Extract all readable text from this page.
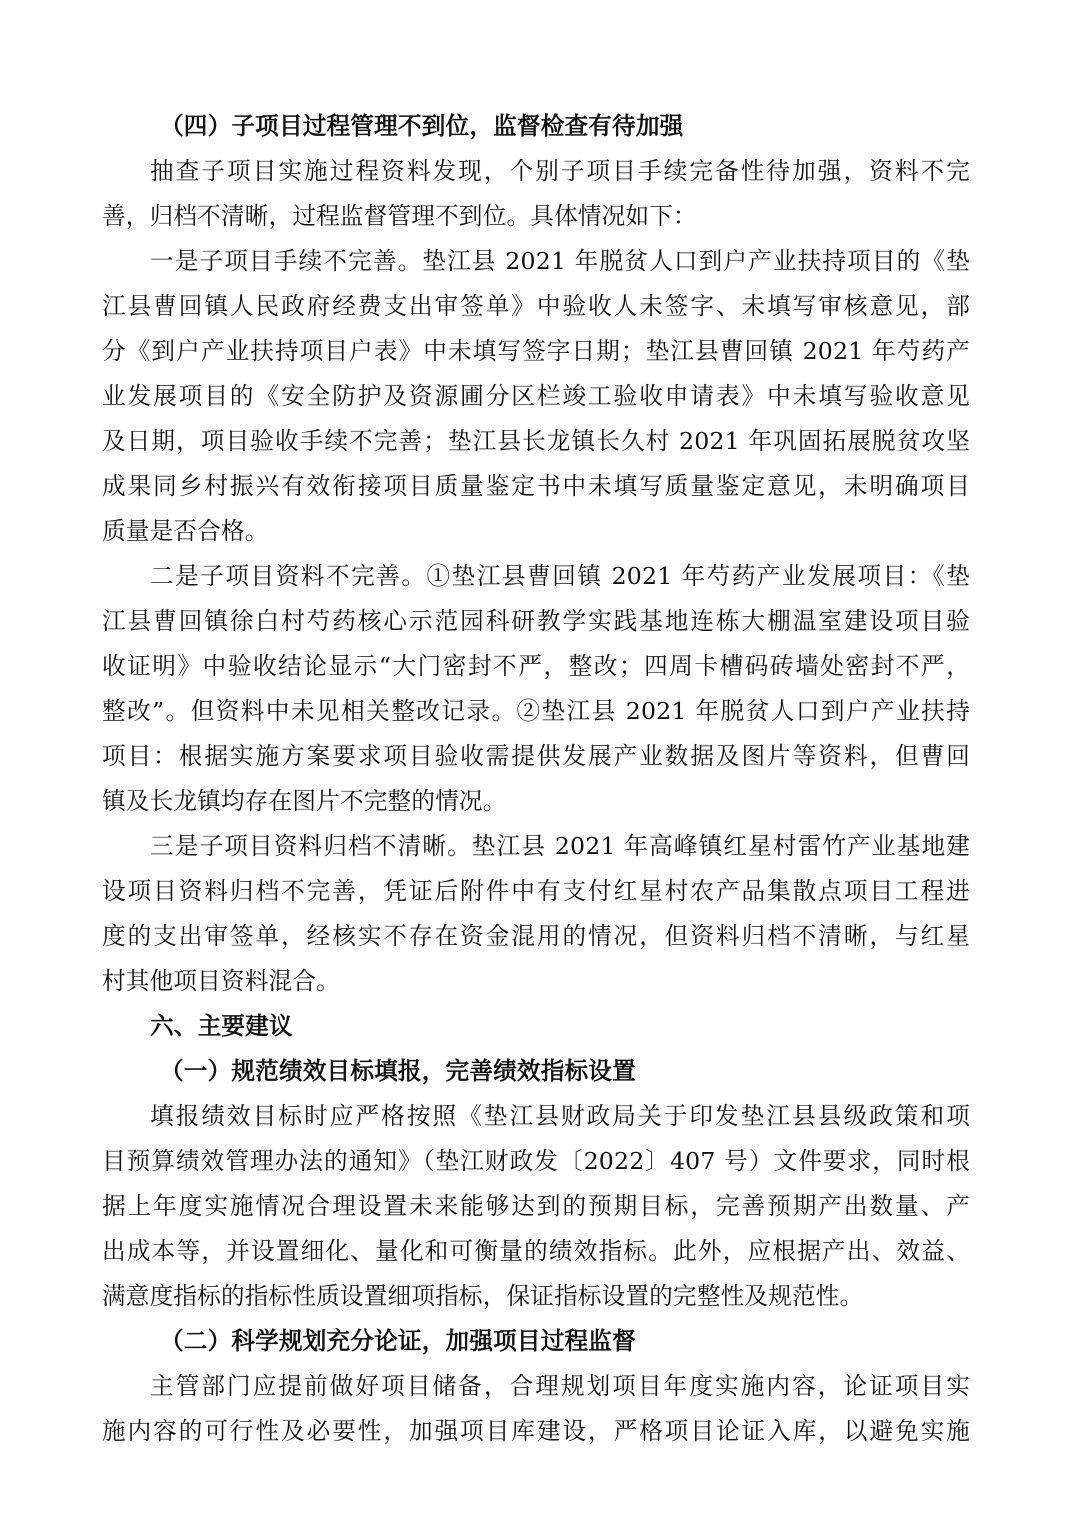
（四）子项目过程管理不到位，监督检查有待加强
抽查子项目实施过程资料发现，个别子项目手续完备性待加强，资料不完
善，归档不清晰，过程监督管理不到位。具体情况如下：
一是子项目手续不完善。垫江县 2021 年脱贫人口到户产业扶持项目的《垫
江县曹回镇人民政府经费支出审签单》中验收人未签字、未填写审核意见，部
分《到户产业扶持项目户表》中未填写签字日期；垫江县曹回镇 2021 年芍药产
业发展项目的《安全防护及资源圃分区栏竣工验收申请表》中未填写验收意见
及日期，项目验收手续不完善；垫江县长龙镇长久村 2021 年巩固拓展脱贫攻坚
成果同乡村振兴有效衔接项目质量鉴定书中未填写质量鉴定意见，未明确项目
质量是否合格。
二是子项目资料不完善。①垫江县曹回镇 2021 年芍药产业发展项目：《垫
江县曹回镇徐白村芍药核心示范园科研教学实践基地连栋大棚温室建设项目验
收证明》中验收结论显示“大门密封不严，整改；四周卡槽码砖墙处密封不严，
整改”。但资料中未见相关整改记录。②垫江县 2021 年脱贫人口到户产业扶持
项目：根据实施方案要求项目验收需提供发展产业数据及图片等资料，但曹回
镇及长龙镇均存在图片不完整的情况。
三是子项目资料归档不清晰。垫江县 2021 年高峰镇红星村雷竹产业基地建
设项目资料归档不完善，凭证后附件中有支付红星村农产品集散点项目工程进
度的支出审签单，经核实不存在资金混用的情况，但资料归档不清晰，与红星
村其他项目资料混合。
六、主要建议
（一）规范绩效目标填报，完善绩效指标设置
填报绩效目标时应严格按照《垫江县财政局关于印发垫江县县级政策和项
目预算绩效管理办法的通知》（垫江财政发〔2022〕407 号）文件要求，同时根
据上年度实施情况合理设置未来能够达到的预期目标，完善预期产出数量、产
出成本等，并设置细化、量化和可衡量的绩效指标。此外，应根据产出、效益、
满意度指标的指标性质设置细项指标，保证指标设置的完整性及规范性。
（二）科学规划充分论证，加强项目过程监督
主管部门应提前做好项目储备，合理规划项目年度实施内容，论证项目实
施内容的可行性及必要性，加强项目库建设，严格项目论证入库，以避免实施
